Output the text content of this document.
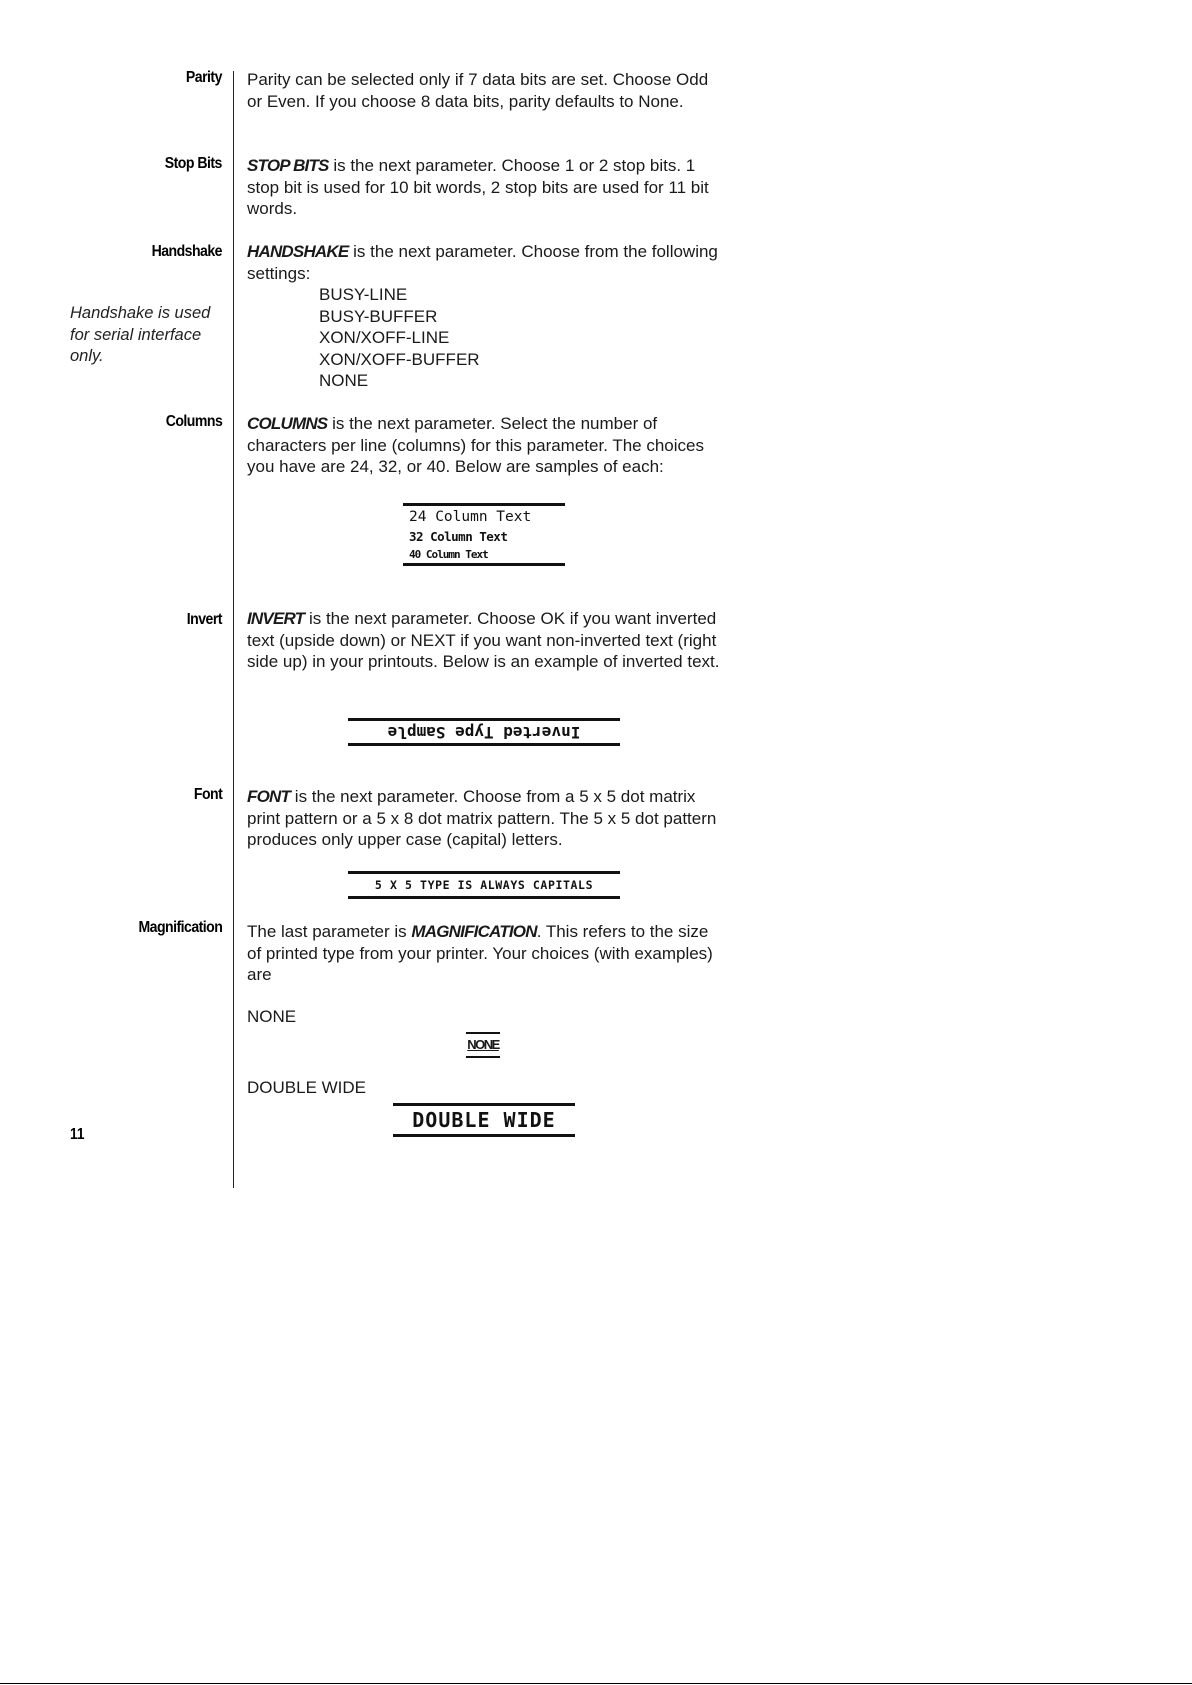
Parity
Stop Bits
Handshake
Columns
Invert
Font
Magnification
Handshake is used for serial interface only.
11
Parity can be selected only if 7 data bits are set. Choose Odd or Even. If you choose 8 data bits, parity defaults to None.
STOP BITS is the next parameter. Choose 1 or 2 stop bits. 1 stop bit is used for 10 bit words, 2 stop bits are used for 11 bit words.
HANDSHAKE is the next parameter. Choose from the following settings:
BUSY-LINE
BUSY-BUFFER
XON/XOFF-LINE
XON/XOFF-BUFFER
NONE
COLUMNS is the next parameter. Select the number of characters per line (columns) for this parameter. The choices you have are 24, 32, or 40. Below are samples of each:
24 Column Text
32 Column Text
40 Column Text
INVERT is the next parameter. Choose OK if you want inverted text (upside down) or NEXT if you want non-inverted text (right side up) in your printouts. Below is an example of inverted text.
Inverted Type Sample
FONT is the next parameter. Choose from a 5 x 5 dot matrix print pattern or a 5 x 8 dot matrix pattern. The 5 x 5 dot pattern produces only upper case (capital) letters.
5 X 5 TYPE IS ALWAYS CAPITALS
The last parameter is MAGNIFICATION. This refers to the size of printed type from your printer. Your choices (with examples) are
NONE
NONE
DOUBLE WIDE
DOUBLE WIDE
